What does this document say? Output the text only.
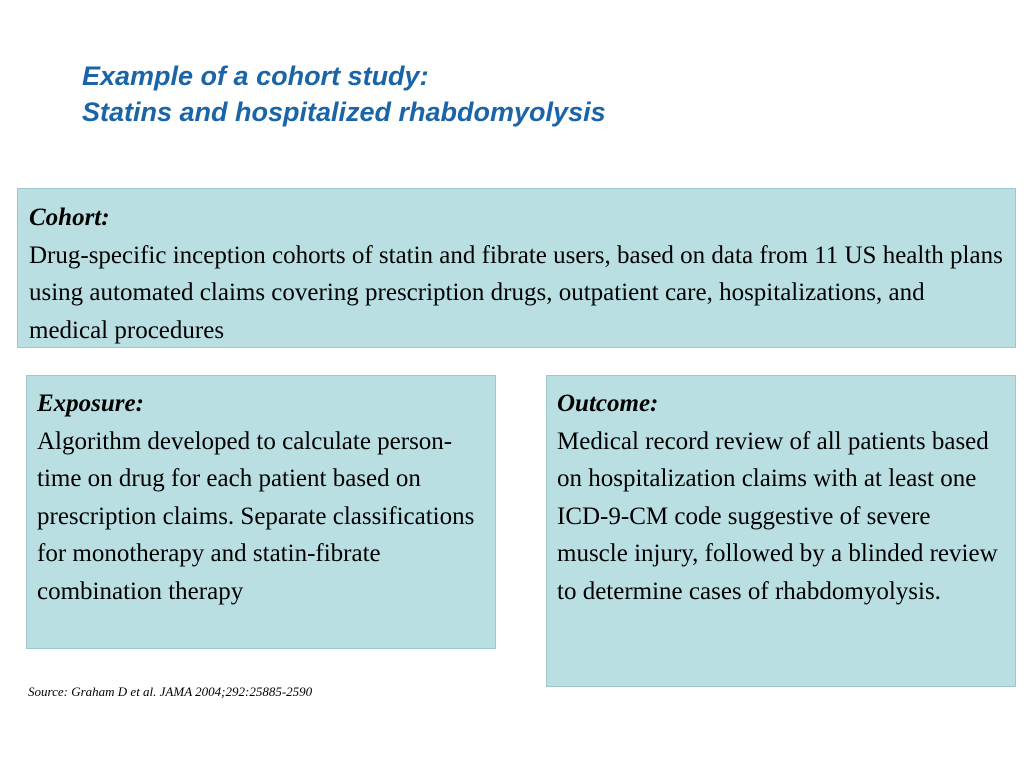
Example of a cohort study:
Statins and hospitalized rhabdomyolysis
Cohort:
Drug-specific inception cohorts of statin and fibrate users, based on data from 11 US health plans using automated claims covering prescription drugs, outpatient care, hospitalizations, and medical procedures
Exposure:
Algorithm developed to calculate person-time on drug for each patient based on prescription claims. Separate classifications for monotherapy and statin-fibrate combination therapy
Outcome:
Medical record review of all patients based on hospitalization claims with at least one ICD-9-CM code suggestive of severe muscle injury, followed by a blinded review to determine cases of rhabdomyolysis.
Source: Graham D et al. JAMA 2004;292:25885-2590
